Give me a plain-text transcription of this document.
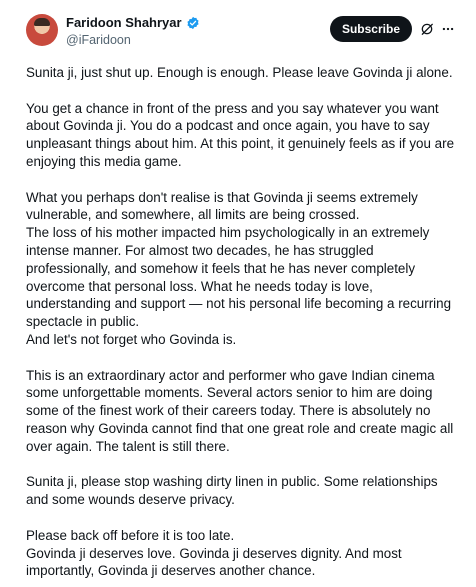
Faridoon Shahryar
@iFaridoon
Subscribe

Sunita ji, just shut up. Enough is enough. Please leave Govinda ji alone.

You get a chance in front of the press and you say whatever you want
about Govinda ji. You do a podcast and once again, you have to say
unpleasant things about him. At this point, it genuinely feels as if you are
enjoying this media game.

What you perhaps don't realise is that Govinda ji seems extremely
vulnerable, and somewhere, all limits are being crossed.
The loss of his mother impacted him psychologically in an extremely
intense manner. For almost two decades, he has struggled
professionally, and somehow it feels that he has never completely
overcome that personal loss. What he needs today is love,
understanding and support — not his personal life becoming a recurring
spectacle in public.
And let's not forget who Govinda is.

This is an extraordinary actor and performer who gave Indian cinema
some unforgettable moments. Several actors senior to him are doing
some of the finest work of their careers today. There is absolutely no
reason why Govinda cannot find that one great role and create magic all
over again. The talent is still there.

Sunita ji, please stop washing dirty linen in public. Some relationships
and some wounds deserve privacy.

Please back off before it is too late.
Govinda ji deserves love. Govinda ji deserves dignity. And most
importantly, Govinda ji deserves another chance.
